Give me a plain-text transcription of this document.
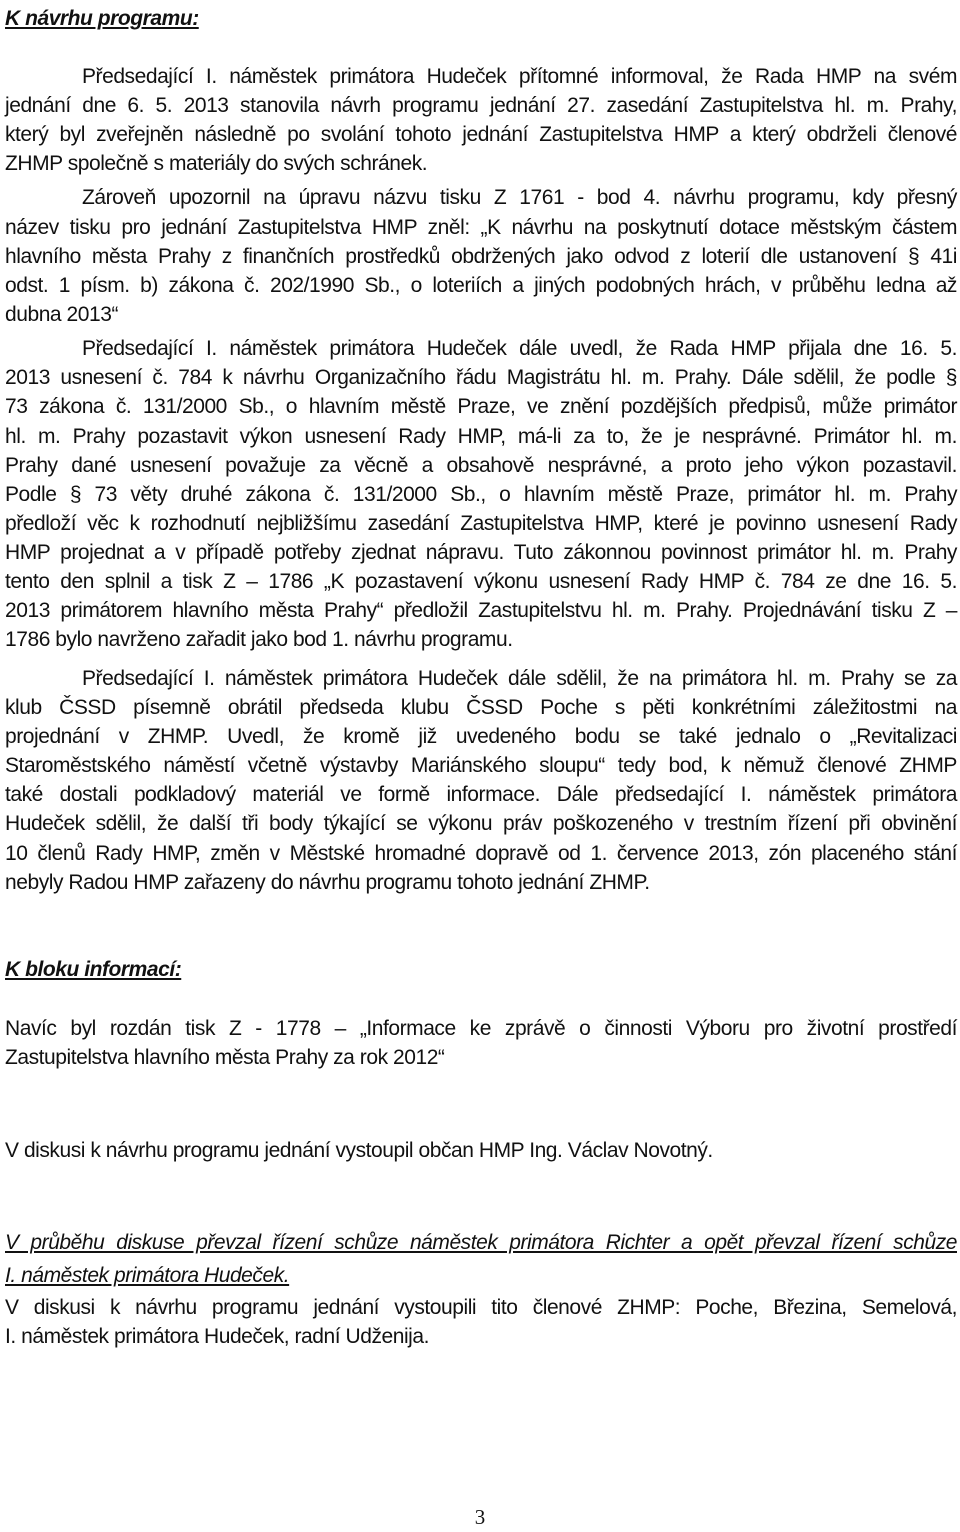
K návrhu programu:
Předsedající I. náměstek primátora Hudeček přítomné informoval, že Rada HMP na svém
jednání dne 6. 5. 2013 stanovila návrh programu jednání 27. zasedání Zastupitelstva hl. m. Prahy,
který byl zveřejněn následně po svolání tohoto jednání Zastupitelstva HMP a který obdrželi členové
ZHMP společně s materiály do svých schránek.
Zároveň upozornil na úpravu názvu tisku Z 1761 - bod 4. návrhu programu, kdy přesný
název tisku pro jednání Zastupitelstva HMP zněl: „K návrhu na poskytnutí dotace městským částem
hlavního města Prahy z finančních prostředků obdržených jako odvod z loterií dle ustanovení § 41i
odst. 1 písm. b) zákona č. 202/1990 Sb., o loteriích a jiných podobných hrách, v průběhu ledna až
dubna 2013“
Předsedající I. náměstek primátora Hudeček dále uvedl, že Rada HMP přijala dne 16. 5.
2013 usnesení č. 784 k návrhu Organizačního řádu Magistrátu hl. m. Prahy. Dále sdělil, že podle §
73 zákona č. 131/2000 Sb., o hlavním městě Praze, ve znění pozdějších předpisů, může primátor
hl. m. Prahy pozastavit výkon usnesení Rady HMP, má-li za to, že je nesprávné. Primátor hl. m.
Prahy dané usnesení považuje za věcně a obsahově nesprávné, a proto jeho výkon pozastavil.
Podle § 73 věty druhé zákona č. 131/2000 Sb., o hlavním městě Praze, primátor hl. m. Prahy
předloží věc k rozhodnutí nejbližšímu zasedání Zastupitelstva HMP, které je povinno usnesení Rady
HMP projednat a v případě potřeby zjednat nápravu. Tuto zákonnou povinnost primátor hl. m. Prahy
tento den splnil a tisk Z – 1786 „K pozastavení výkonu usnesení Rady HMP č. 784 ze dne 16. 5.
2013 primátorem hlavního města Prahy“ předložil Zastupitelstvu hl. m. Prahy. Projednávání tisku Z –
1786 bylo navrženo zařadit jako bod 1. návrhu programu.
Předsedající I. náměstek primátora Hudeček dále sdělil, že na primátora hl. m. Prahy se za
klub ČSSD písemně obrátil předseda klubu ČSSD Poche s pěti konkrétními záležitostmi na
projednání v ZHMP. Uvedl, že kromě již uvedeného bodu se také jednalo o „Revitalizaci
Staroměstského náměstí včetně výstavby Mariánského sloupu“ tedy bod, k němuž členové ZHMP
také dostali podkladový materiál ve formě informace. Dále předsedající I. náměstek primátora
Hudeček sdělil, že další tři body týkající se výkonu práv poškozeného v trestním řízení při obvinění
10 členů Rady HMP, změn v Městské hromadné dopravě od 1. července 2013, zón placeného stání
nebyly Radou HMP zařazeny do návrhu programu tohoto jednání ZHMP.
K bloku informací:
Navíc byl rozdán tisk Z - 1778 – „Informace ke zprávě o činnosti Výboru pro životní prostředí
Zastupitelstva hlavního města Prahy za rok 2012“
V diskusi k návrhu programu jednání vystoupil občan HMP Ing. Václav Novotný.
V průběhu diskuse převzal řízení schůze náměstek primátora Richter a opět převzal řízení schůze
I. náměstek primátora Hudeček.
V diskusi k návrhu programu jednání vystoupili tito členové ZHMP: Poche, Březina, Semelová,
I. náměstek primátora Hudeček, radní Udženija.
3
